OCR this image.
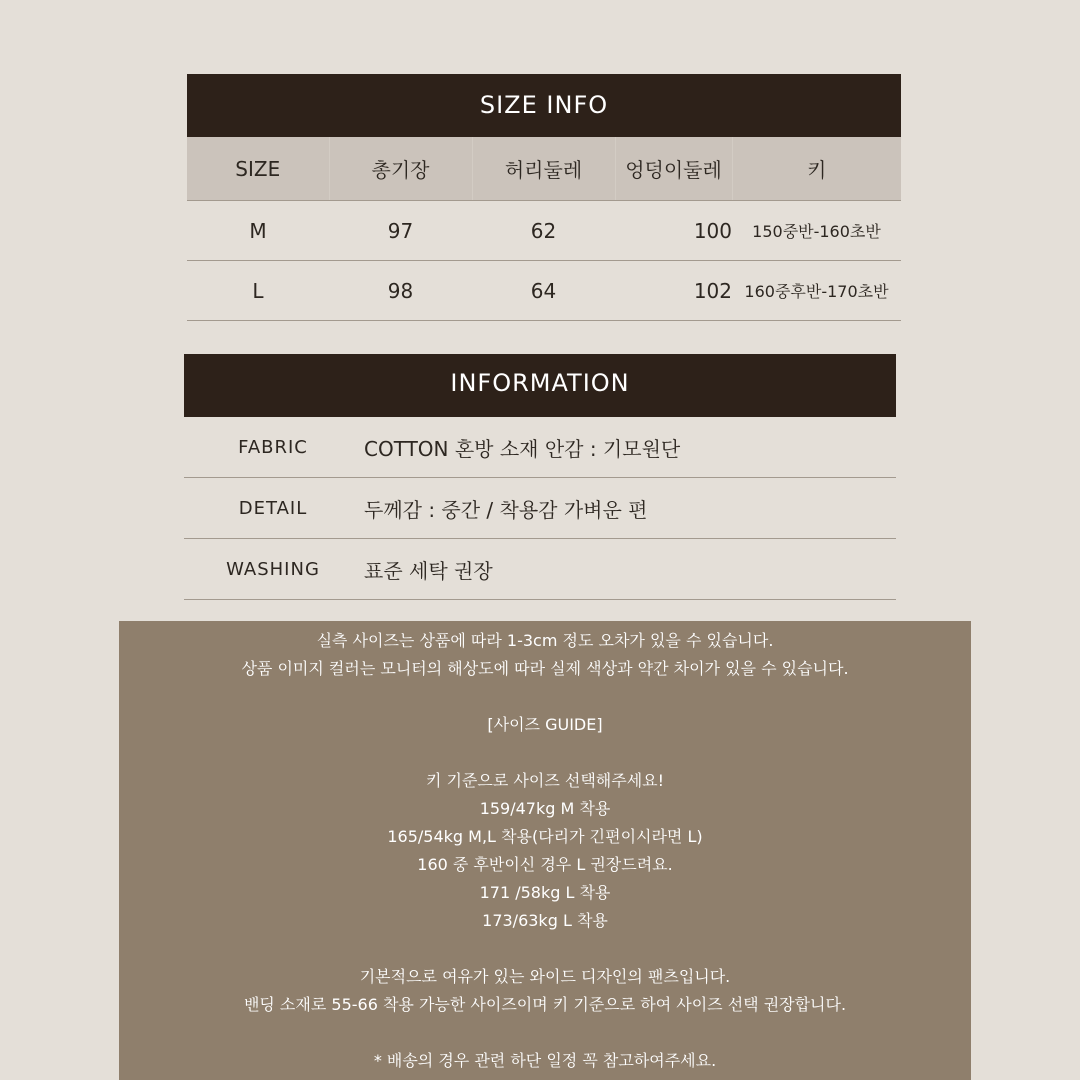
SIZE INFO
SIZE	총기장	허리둘레	엉덩이둘레	키
M	97	62	100	150중반-160초반
L	98	64	102	160중후반-170초반
INFORMATION
FABRIC	COTTON 혼방 소재 안감 : 기모원단
DETAIL	두께감 : 중간 / 착용감 가벼운 편
WASHING	표준 세탁 권장

실측 사이즈는 상품에 따라 1-3cm 정도 오차가 있을 수 있습니다.

상품 이미지 컬러는 모니터의 해상도에 따라 실제 색상과 약간 차이가 있을 수 있습니다.

[사이즈 GUIDE]

키 기준으로 사이즈 선택해주세요!

159/47kg M 착용

165/54kg M,L 착용(다리가 긴편이시라면 L)

160 중 후반이신 경우 L 권장드려요.

171 /58kg L 착용

173/63kg L 착용

기본적으로 여유가 있는 와이드 디자인의 팬츠입니다.

밴딩 소재로 55-66 착용 가능한 사이즈이며 키 기준으로 하여 사이즈 선택 권장합니다.

* 배송의 경우 관련 하단 일정 꼭 참고하여주세요.
